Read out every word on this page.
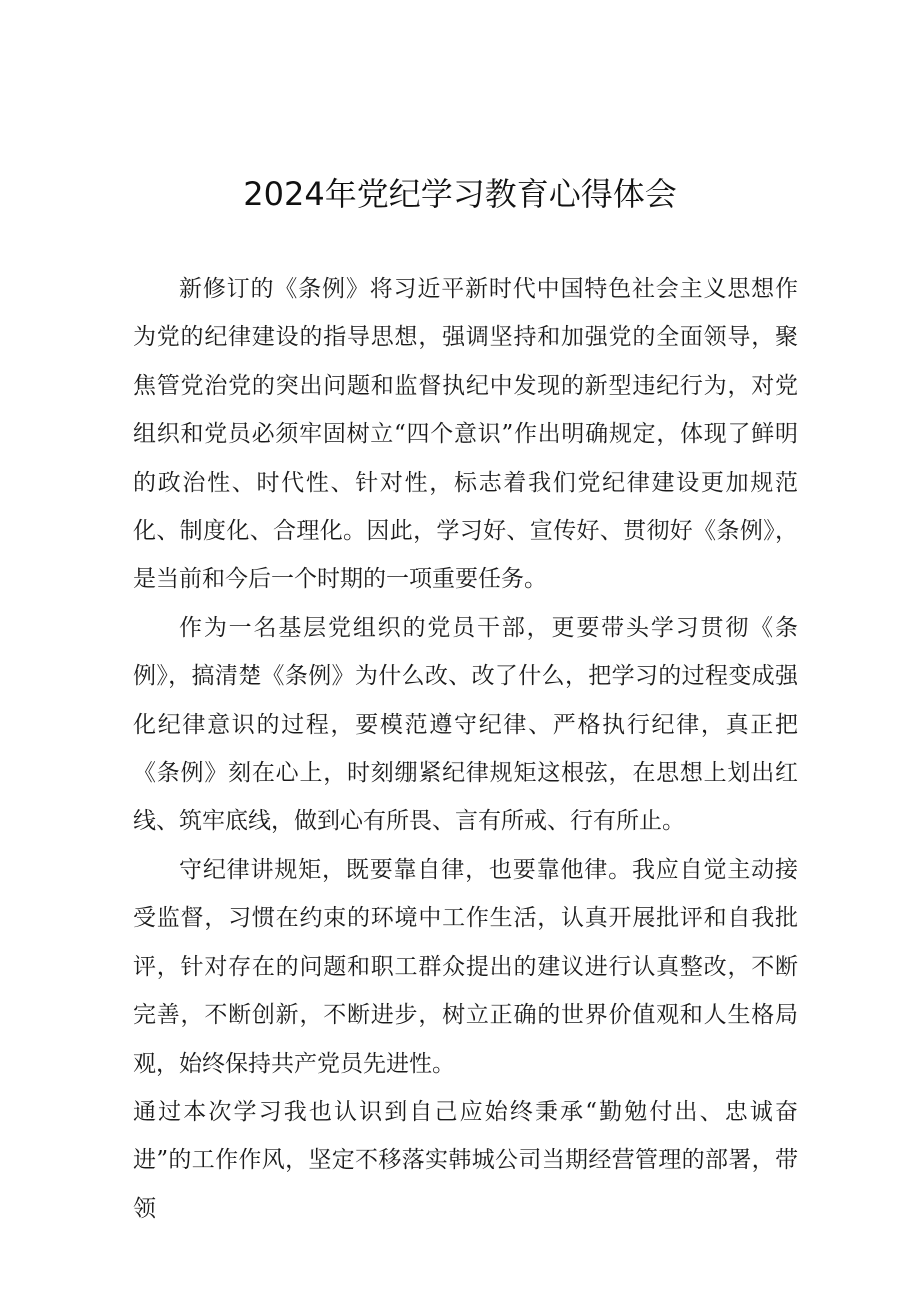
2024年党纪学习教育心得体会

新修订的《条例》将习近平新时代中国特色社会主义思想作为党的纪律建设的指导思想，强调坚持和加强党的全面领导，聚焦管党治党的突出问题和监督执纪中发现的新型违纪行为，对党组织和党员必须牢固树立“四个意识”作出明确规定，体现了鲜明的政治性、时代性、针对性，标志着我们党纪律建设更加规范化、制度化、合理化。因此，学习好、宣传好、贯彻好《条例》，是当前和今后一个时期的一项重要任务。

作为一名基层党组织的党员干部，更要带头学习贯彻《条例》，搞清楚《条例》为什么改、改了什么，把学习的过程变成强化纪律意识的过程，要模范遵守纪律、严格执行纪律，真正把《条例》刻在心上，时刻绷紧纪律规矩这根弦，在思想上划出红线、筑牢底线，做到心有所畏、言有所戒、行有所止。

守纪律讲规矩，既要靠自律，也要靠他律。我应自觉主动接受监督，习惯在约束的环境中工作生活，认真开展批评和自我批评，针对存在的问题和职工群众提出的建议进行认真整改，不断完善，不断创新，不断进步，树立正确的世界价值观和人生格局观，始终保持共产党员先进性。

通过本次学习我也认识到自己应始终秉承“勤勉付出、忠诚奋进”的工作作风，坚定不移落实韩城公司当期经营管理的部署，带领
